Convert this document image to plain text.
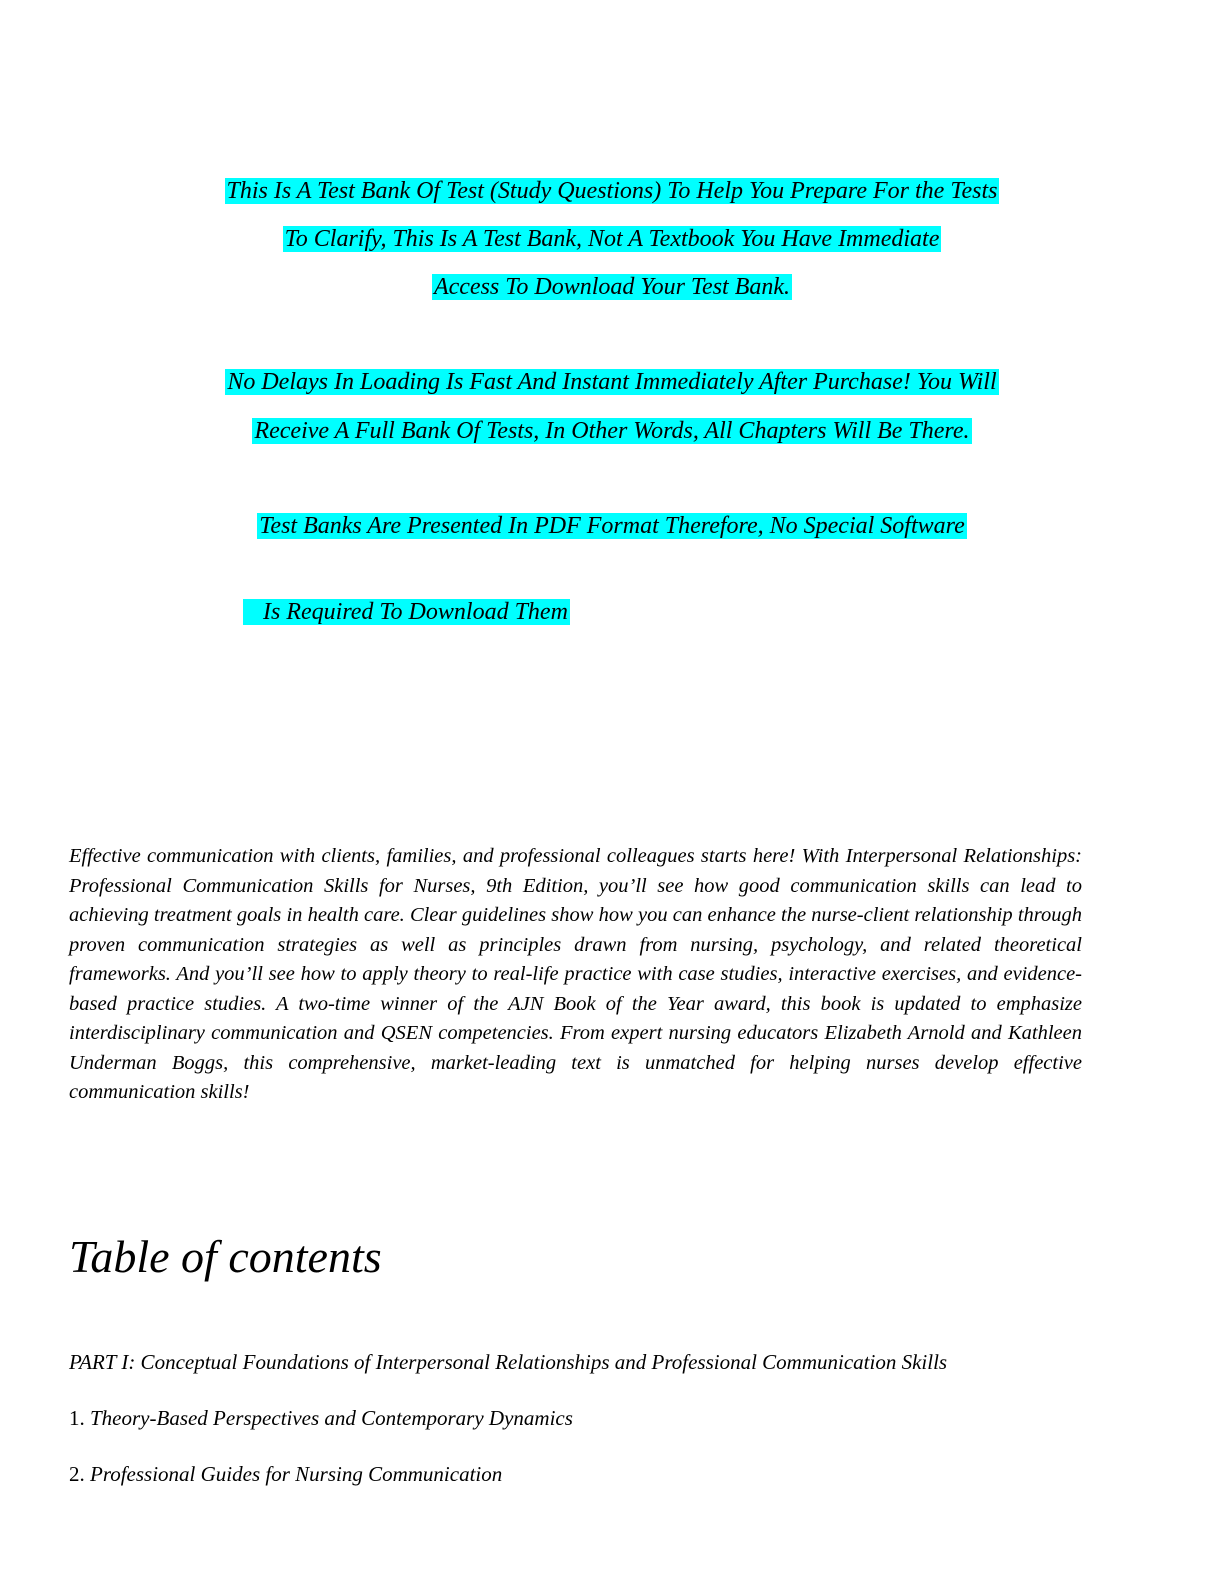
This Is A Test Bank Of Test (Study Questions) To Help You Prepare For the Tests
To Clarify, This Is A Test Bank, Not A Textbook You Have Immediate
Access To Download Your Test Bank.
No Delays In Loading Is Fast And Instant Immediately After Purchase! You Will
Receive A Full Bank Of Tests, In Other Words, All Chapters Will Be There.
Test Banks Are Presented In PDF Format Therefore, No Special Software

Is Required To Download Them

Effective communication with clients, families, and professional colleagues starts here! With Interpersonal Relationships: Professional Communication Skills for Nurses, 9th Edition, you’ll see how good communication skills can lead to achieving treatment goals in health care. Clear guidelines show how you can enhance the nurse-client relationship through proven communication strategies as well as principles drawn from nursing, psychology, and related theoretical frameworks. And you’ll see how to apply theory to real-life practice with case studies, interactive exercises, and evidence-based practice studies. A two-time winner of the AJN Book of the Year award, this book is updated to emphasize interdisciplinary communication and QSEN competencies. From expert nursing educators Elizabeth Arnold and Kathleen Underman Boggs, this comprehensive, market-leading text is unmatched for helping nurses develop effective communication skills!

Table of contents
PART I: Conceptual Foundations of Interpersonal Relationships and Professional Communication Skills
1. Theory-Based Perspectives and Contemporary Dynamics
2. Professional Guides for Nursing Communication
